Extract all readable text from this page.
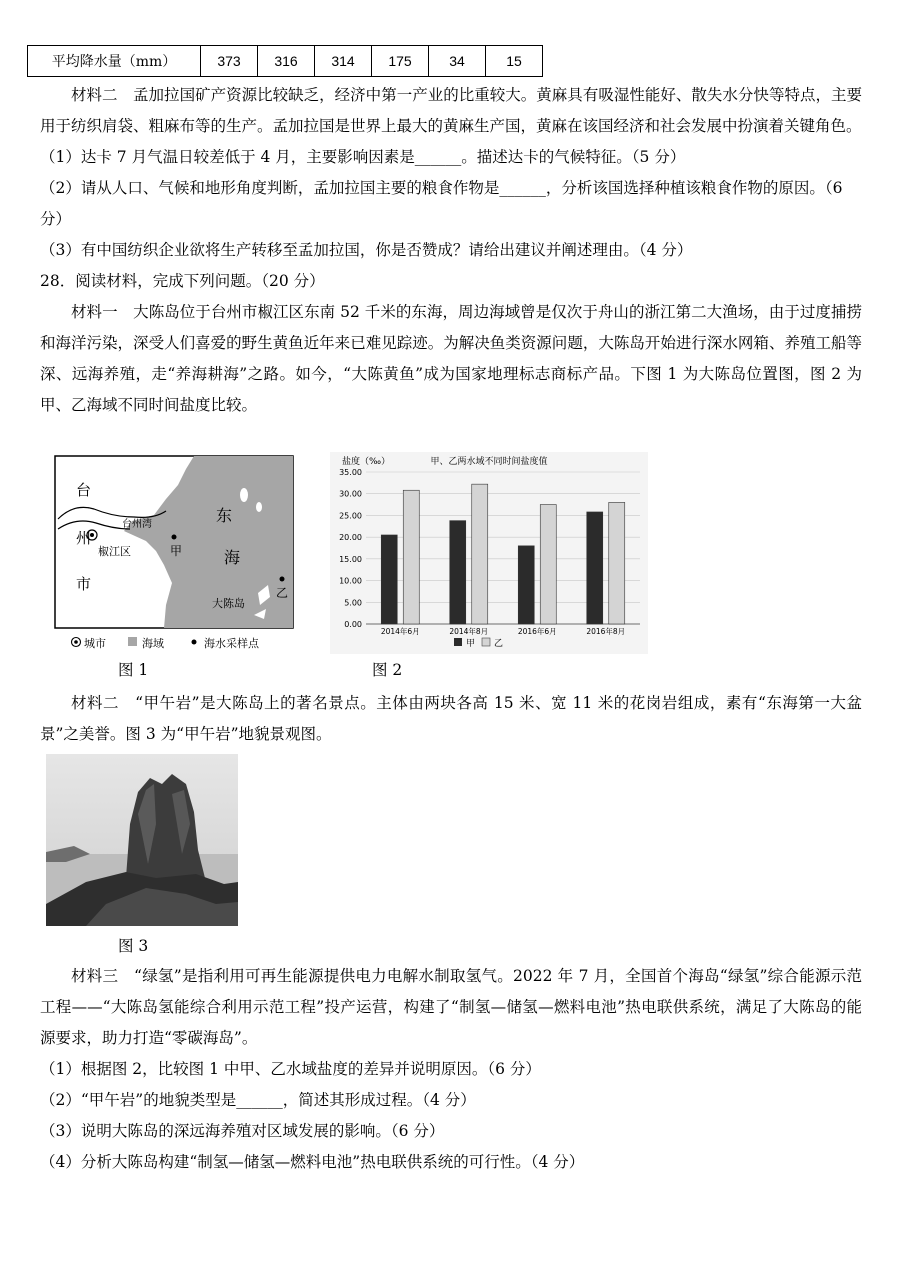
平均降水量（mm）	373	316	314	175	34	15

材料二　孟加拉国矿产资源比较缺乏，经济中第一产业的比重较大。黄麻具有吸湿性能好、散失水分快等特点，主要用于纺织肩袋、粗麻布等的生产。孟加拉国是世界上最大的黄麻生产国，黄麻在该国经济和社会发展中扮演着关键角色。

（1）达卡 7 月气温日较差低于 4 月，主要影响因素是______。描述达卡的气候特征。（5 分）

（2）请从人口、气候和地形角度判断，孟加拉国主要的粮食作物是______，分析该国选择种植该粮食作物的原因。（6 分）

（3）有中国纺织企业欲将生产转移至孟加拉国，你是否赞成？请给出建议并阐述理由。（4 分）

28．阅读材料，完成下列问题。（20 分）

材料一　大陈岛位于台州市椒江区东南 52 千米的东海，周边海域曾是仅次于舟山的浙江第二大渔场，由于过度捕捞和海洋污染，深受人们喜爱的野生黄鱼近年来已难见踪迹。为解决鱼类资源问题，大陈岛开始进行深水网箱、养殖工船等深、远海养殖，走“养海耕海”之路。如今，“大陈黄鱼”成为国家地理标志商标产品。下图 1 为大陈岛位置图，图 2 为甲、乙海域不同时间盐度比较。

台
州
市
台州湾
椒江区	甲
东
海
大陈岛
乙
城市	海域	海水采样点
盐度（‰）	甲、乙两水域不同时间盐度值
0.00
5.00
10.00
15.00
20.00
25.00
30.00
35.00
2014年6月	2014年8月	2016年6月	2016年8月
甲 乙
图 1	图 2

材料二　“甲午岩”是大陈岛上的著名景点。主体由两块各高 15 米、宽 11 米的花岗岩组成，素有“东海第一大盆景”之美誉。图 3 为“甲午岩”地貌景观图。

图 3

材料三　“绿氢”是指利用可再生能源提供电力电解水制取氢气。2022 年 7 月，全国首个海岛“绿氢”综合能源示范工程——“大陈岛氢能综合利用示范工程”投产运营，构建了“制氢—储氢—燃料电池”热电联供系统，满足了大陈岛的能源要求，助力打造“零碳海岛”。

（1）根据图 2，比较图 1 中甲、乙水域盐度的差异并说明原因。（6 分）

（2）“甲午岩”的地貌类型是______，简述其形成过程。（4 分）

（3）说明大陈岛的深远海养殖对区域发展的影响。（6 分）

（4）分析大陈岛构建“制氢—储氢—燃料电池”热电联供系统的可行性。（4 分）
